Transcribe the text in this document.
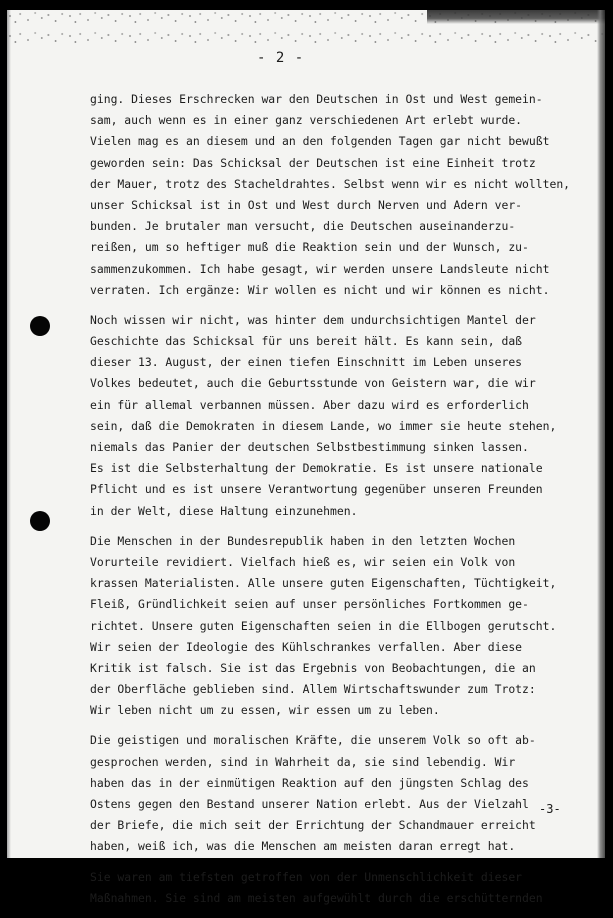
- 2 -
ging. Dieses Erschrecken war den Deutschen in Ost und West gemein-
sam, auch wenn es in einer ganz verschiedenen Art erlebt wurde.
Vielen mag es an diesem und an den folgenden Tagen gar nicht bewußt
geworden sein: Das Schicksal der Deutschen ist eine Einheit trotz
der Mauer, trotz des Stacheldrahtes. Selbst wenn wir es nicht wollten,
unser Schicksal ist in Ost und West durch Nerven und Adern ver-
bunden. Je brutaler man versucht, die Deutschen auseinanderzu-
reißen, um so heftiger muß die Reaktion sein und der Wunsch, zu-
sammenzukommen. Ich habe gesagt, wir werden unsere Landsleute nicht
verraten. Ich ergänze: Wir wollen es nicht und wir können es nicht.
Noch wissen wir nicht, was hinter dem undurchsichtigen Mantel der
Geschichte das Schicksal für uns bereit hält. Es kann sein, daß
dieser 13. August, der einen tiefen Einschnitt im Leben unseres
Volkes bedeutet, auch die Geburtsstunde von Geistern war, die wir
ein für allemal verbannen müssen. Aber dazu wird es erforderlich
sein, daß die Demokraten in diesem Lande, wo immer sie heute stehen,
niemals das Panier der deutschen Selbstbestimmung sinken lassen.
Es ist die Selbsterhaltung der Demokratie. Es ist unsere nationale
Pflicht und es ist unsere Verantwortung gegenüber unseren Freunden
in der Welt, diese Haltung einzunehmen.
Die Menschen in der Bundesrepublik haben in den letzten Wochen
Vorurteile revidiert. Vielfach hieß es, wir seien ein Volk von
krassen Materialisten. Alle unsere guten Eigenschaften, Tüchtigkeit,
Fleiß, Gründlichkeit seien auf unser persönliches Fortkommen ge-
richtet. Unsere guten Eigenschaften seien in die Ellbogen gerutscht.
Wir seien der Ideologie des Kühlschrankes verfallen. Aber diese
Kritik ist falsch. Sie ist das Ergebnis von Beobachtungen, die an
der Oberfläche geblieben sind. Allem Wirtschaftswunder zum Trotz:
Wir leben nicht um zu essen, wir essen um zu leben.
Die geistigen und moralischen Kräfte, die unserem Volk so oft ab-
gesprochen werden, sind in Wahrheit da, sie sind lebendig. Wir
haben das in der einmütigen Reaktion auf den jüngsten Schlag des
Ostens gegen den Bestand unserer Nation erlebt. Aus der Vielzahl
der Briefe, die mich seit der Errichtung der Schandmauer erreicht
haben, weiß ich, was die Menschen am meisten daran erregt hat.
Sie waren am tiefsten getroffen von der Unmenschlichkeit dieser
Maßnahmen. Sie sind am meisten aufgewühlt durch die erschütternden
-3-
